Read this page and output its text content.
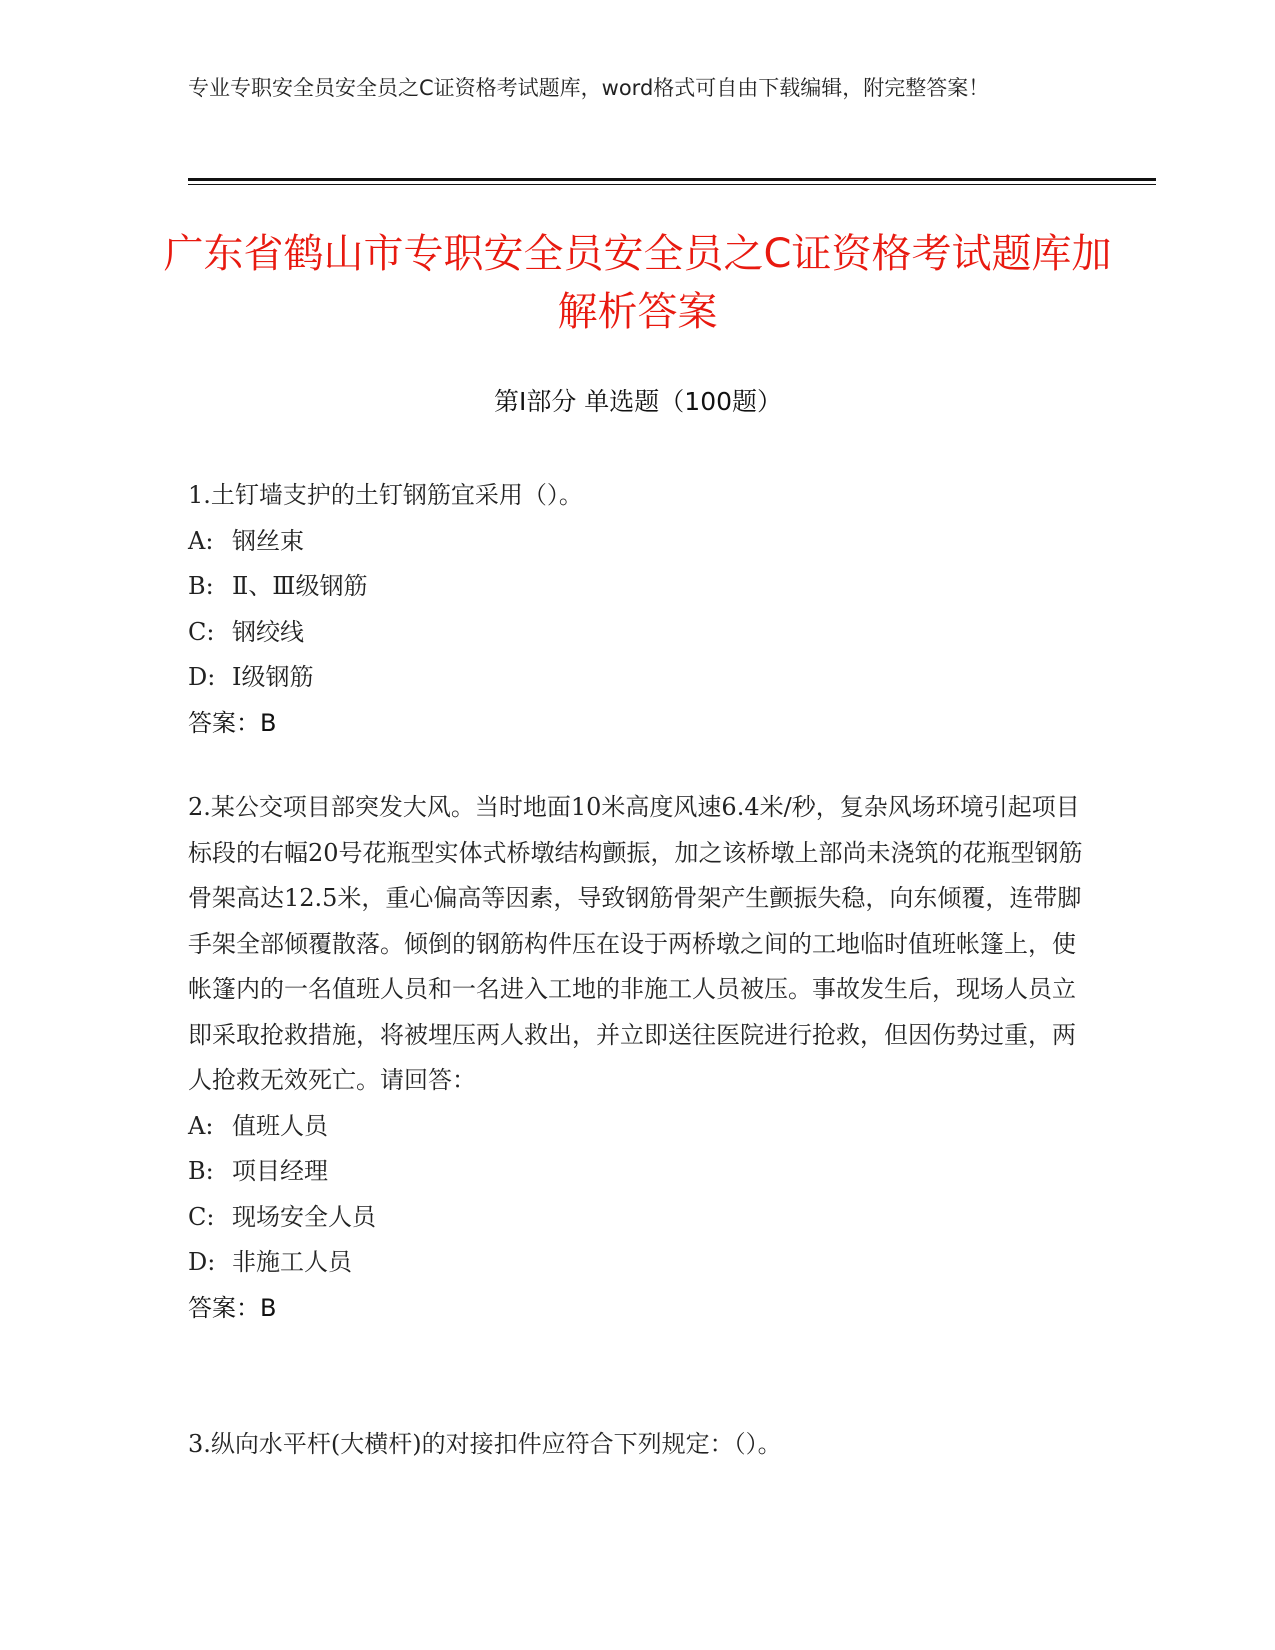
专业专职安全员安全员之C证资格考试题库，word格式可自由下载编辑，附完整答案！
广东省鹤山市专职安全员安全员之C证资格考试题库加解析答案
第Ⅰ部分 单选题（100题）

1.土钉墙支护的土钉钢筋宜采用（）。

A: 钢丝束

B: Ⅱ、Ⅲ级钢筋

C: 钢绞线

D: Ⅰ级钢筋

答案：B

2.某公交项目部突发大风。当时地面10米高度风速6.4米/秒，复杂风场环境引起项目标段的右幅20号花瓶型实体式桥墩结构颤振，加之该桥墩上部尚未浇筑的花瓶型钢筋骨架高达12.5米，重心偏高等因素，导致钢筋骨架产生颤振失稳，向东倾覆，连带脚手架全部倾覆散落。倾倒的钢筋构件压在设于两桥墩之间的工地临时值班帐篷上，使帐篷内的一名值班人员和一名进入工地的非施工人员被压。事故发生后，现场人员立即采取抢救措施，将被埋压两人救出，并立即送往医院进行抢救，但因伤势过重，两人抢救无效死亡。请回答：

A: 值班人员

B: 项目经理

C: 现场安全人员

D: 非施工人员

答案：B

3.纵向水平杆(大横杆)的对接扣件应符合下列规定：（）。
